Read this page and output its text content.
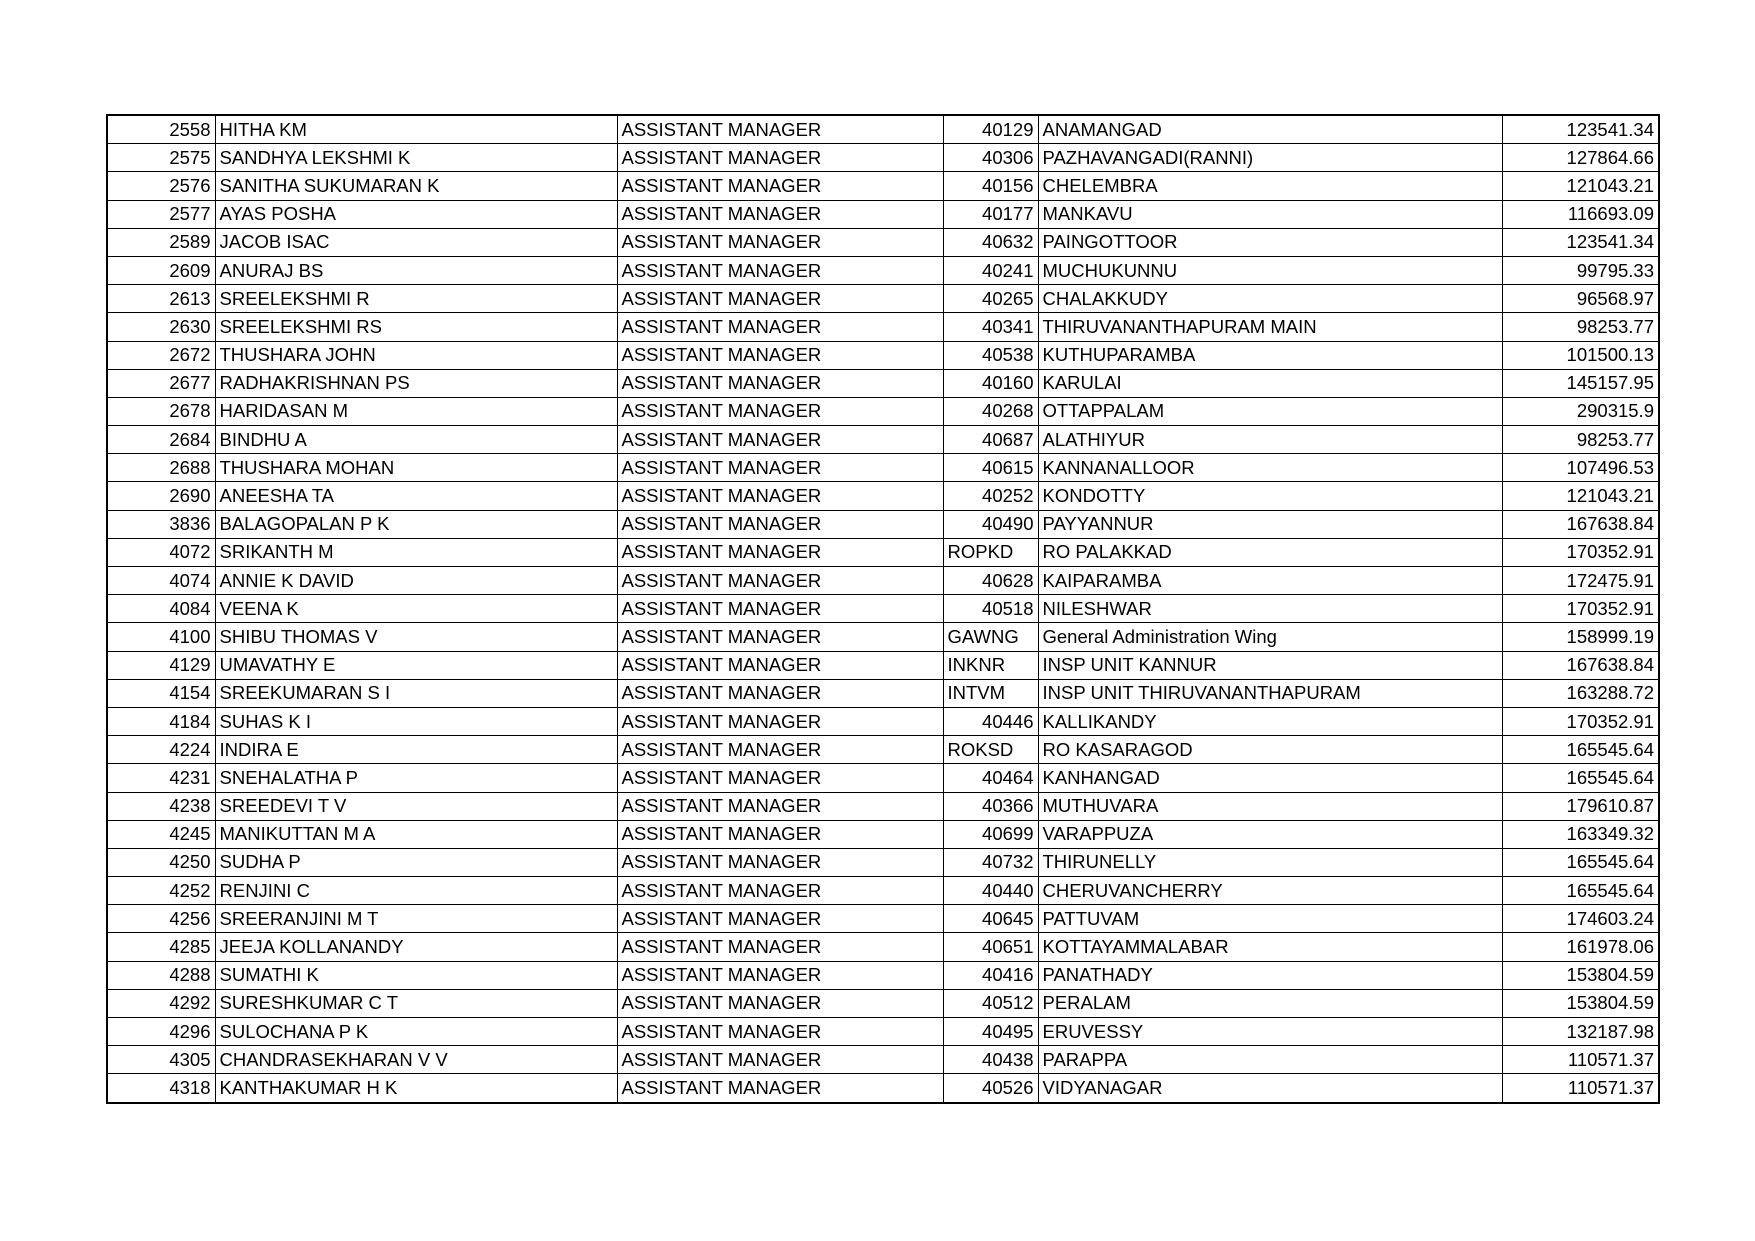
2558	HITHA KM	ASSISTANT MANAGER	40129	ANAMANGAD	123541.34
2575	SANDHYA LEKSHMI K	ASSISTANT MANAGER	40306	PAZHAVANGADI(RANNI)	127864.66
2576	SANITHA SUKUMARAN K	ASSISTANT MANAGER	40156	CHELEMBRA	121043.21
2577	AYAS POSHA	ASSISTANT MANAGER	40177	MANKAVU	116693.09
2589	JACOB ISAC	ASSISTANT MANAGER	40632	PAINGOTTOOR	123541.34
2609	ANURAJ BS	ASSISTANT MANAGER	40241	MUCHUKUNNU	99795.33
2613	SREELEKSHMI R	ASSISTANT MANAGER	40265	CHALAKKUDY	96568.97
2630	SREELEKSHMI RS	ASSISTANT MANAGER	40341	THIRUVANANTHAPURAM MAIN	98253.77
2672	THUSHARA JOHN	ASSISTANT MANAGER	40538	KUTHUPARAMBA	101500.13
2677	RADHAKRISHNAN PS	ASSISTANT MANAGER	40160	KARULAI	145157.95
2678	HARIDASAN M	ASSISTANT MANAGER	40268	OTTAPPALAM	290315.9
2684	BINDHU A	ASSISTANT MANAGER	40687	ALATHIYUR	98253.77
2688	THUSHARA MOHAN	ASSISTANT MANAGER	40615	KANNANALLOOR	107496.53
2690	ANEESHA TA	ASSISTANT MANAGER	40252	KONDOTTY	121043.21
3836	BALAGOPALAN P K	ASSISTANT MANAGER	40490	PAYYANNUR	167638.84
4072	SRIKANTH M	ASSISTANT MANAGER	ROPKD	RO PALAKKAD	170352.91
4074	ANNIE K DAVID	ASSISTANT MANAGER	40628	KAIPARAMBA	172475.91
4084	VEENA K	ASSISTANT MANAGER	40518	NILESHWAR	170352.91
4100	SHIBU THOMAS V	ASSISTANT MANAGER	GAWNG	General Administration Wing	158999.19
4129	UMAVATHY E	ASSISTANT MANAGER	INKNR	INSP UNIT KANNUR	167638.84
4154	SREEKUMARAN S I	ASSISTANT MANAGER	INTVM	INSP UNIT THIRUVANANTHAPURAM	163288.72
4184	SUHAS K I	ASSISTANT MANAGER	40446	KALLIKANDY	170352.91
4224	INDIRA E	ASSISTANT MANAGER	ROKSD	RO KASARAGOD	165545.64
4231	SNEHALATHA P	ASSISTANT MANAGER	40464	KANHANGAD	165545.64
4238	SREEDEVI T V	ASSISTANT MANAGER	40366	MUTHUVARA	179610.87
4245	MANIKUTTAN M A	ASSISTANT MANAGER	40699	VARAPPUZA	163349.32
4250	SUDHA P	ASSISTANT MANAGER	40732	THIRUNELLY	165545.64
4252	RENJINI C	ASSISTANT MANAGER	40440	CHERUVANCHERRY	165545.64
4256	SREERANJINI M T	ASSISTANT MANAGER	40645	PATTUVAM	174603.24
4285	JEEJA KOLLANANDY	ASSISTANT MANAGER	40651	KOTTAYAMMALABAR	161978.06
4288	SUMATHI K	ASSISTANT MANAGER	40416	PANATHADY	153804.59
4292	SURESHKUMAR C T	ASSISTANT MANAGER	40512	PERALAM	153804.59
4296	SULOCHANA P K	ASSISTANT MANAGER	40495	ERUVESSY	132187.98
4305	CHANDRASEKHARAN V V	ASSISTANT MANAGER	40438	PARAPPA	110571.37
4318	KANTHAKUMAR H K	ASSISTANT MANAGER	40526	VIDYANAGAR	110571.37
